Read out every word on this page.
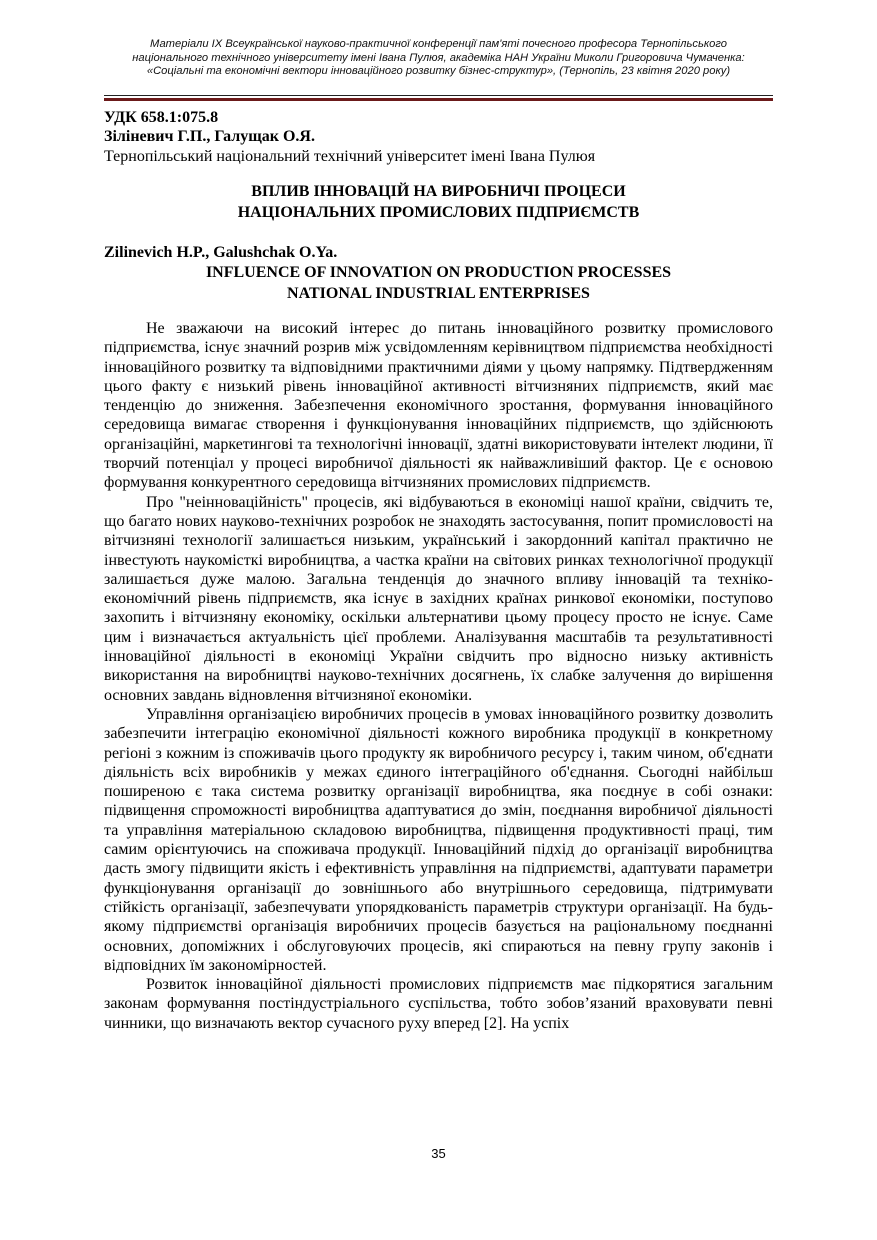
Матеріали IX Всеукраїнської науково-практичної конференції пам'яті почесного професора Тернопільського
національного технічного університету імені Івана Пулюя, академіка НАН України Миколи Григоровича Чумаченка:
«Соціальні та економічні вектори інноваційного розвитку бізнес-структур», (Тернопіль, 23 квітня 2020 року)
УДК 658.1:075.8
Зіліневич Г.П., Галущак О.Я.
Тернопільський національний технічний університет імені Івана Пулюя
ВПЛИВ ІННОВАЦІЙ НА ВИРОБНИЧІ ПРОЦЕСИ
НАЦІОНАЛЬНИХ ПРОМИСЛОВИХ ПІДПРИЄМСТВ
Zilinevich H.P., Galushchak O.Ya.
INFLUENCE OF INNOVATION ON PRODUCTION PROCESSES
NATIONAL INDUSTRIAL ENTERPRISES

Не зважаючи на високий інтерес до питань інноваційного розвитку промислового підприємства, існує значний розрив між усвідомленням керівництвом підприємства необхідності інноваційного розвитку та відповідними практичними діями у цьому напрямку. Підтвердженням цього факту є низький рівень інноваційної активності вітчизняних підприємств, який має тенденцію до зниження. Забезпечення економічного зростання, формування інноваційного середовища вимагає створення і функціонування інноваційних підприємств, що здійснюють організаційні, маркетингові та технологічні інновації, здатні використовувати інтелект людини, її творчий потенціал у процесі виробничої діяльності як найважливіший фактор. Це є основою формування конкурентного середовища вітчизняних промислових підприємств.

Про "неінноваційність" процесів, які відбуваються в економіці нашої країни, свідчить те, що багато нових науково-технічних розробок не знаходять застосування, попит промисловості на вітчизняні технології залишається низьким, український і закордонний капітал практично не інвестують наукомісткі виробництва, а частка країни на світових ринках технологічної продукції залишається дуже малою. Загальна тенденція до значного впливу інновацій та техніко-економічний рівень підприємств, яка існує в західних країнах ринкової економіки, поступово захопить і вітчизняну економіку, оскільки альтернативи цьому процесу просто не існує. Саме цим і визначається актуальність цієї проблеми. Аналізування масштабів та результативності інноваційної діяльності в економіці України свідчить про відносно низьку активність використання на виробництві науково-технічних досягнень, їх слабке залучення до вирішення основних завдань відновлення вітчизняної економіки.

Управління організацією виробничих процесів в умовах інноваційного розвитку дозволить забезпечити інтеграцію економічної діяльності кожного виробника продукції в конкретному регіоні з кожним із споживачів цього продукту як виробничого ресурсу і, таким чином, об'єднати діяльність всіх виробників у межах єдиного інтеграційного об'єднання. Сьогодні найбільш поширеною є така система розвитку організації виробництва, яка поєднує в собі ознаки: підвищення спроможності виробництва адаптуватися до змін, поєднання виробничої діяльності та управління матеріальною складовою виробництва, підвищення продуктивності праці, тим самим орієнтуючись на споживача продукції. Інноваційний підхід до організації виробництва дасть змогу підвищити якість і ефективність управління на підприємстві, адаптувати параметри функціонування організації до зовнішнього або внутрішнього середовища, підтримувати стійкість організації, забезпечувати упорядкованість параметрів структури організації. На будь-якому підприємстві організація виробничих процесів базується на раціональному поєднанні основних, допоміжних і обслуговуючих процесів, які спираються на певну групу законів і відповідних їм закономірностей.

Розвиток інноваційної діяльності промислових підприємств має підкорятися загальним законам формування постіндустріального суспільства, тобто зобов’язаний враховувати певні чинники, що визначають вектор сучасного руху вперед [2]. На успіх

35
